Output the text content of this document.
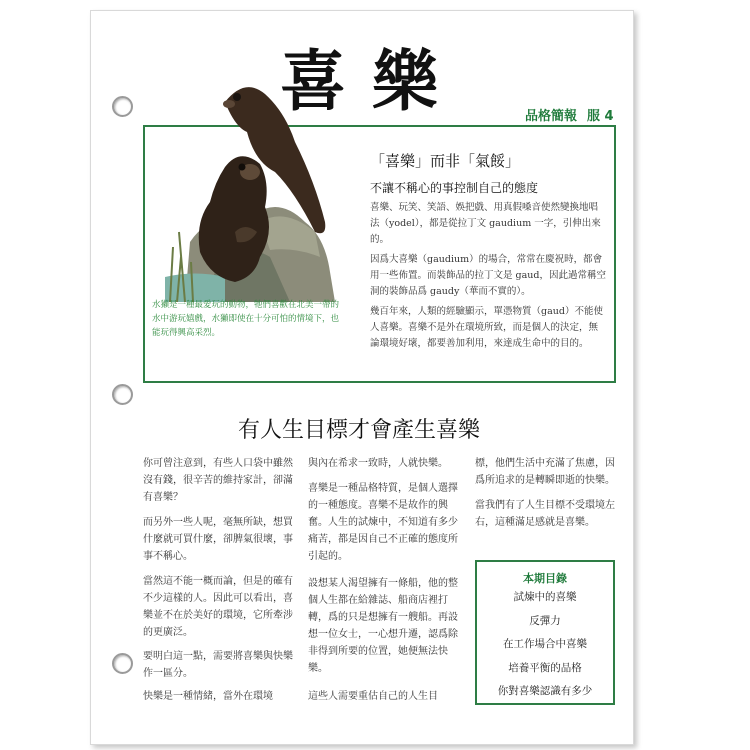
喜樂	品格簡報 服 4
水獺是一種最愛玩的動物，牠們喜歡在北美一帶的水中游玩嬉戲，水獺即使在十分可怕的情境下，也能玩得興高采烈。
「喜樂」而非「氣餒」
不讓不稱心的事控制自己的態度
喜樂、玩笑、笑語、娛把戲、用真假嗓音使然變換地唱法（yodel），都是從拉丁文 gaudium 一字，引伸出來的。
因爲大喜樂（gaudium）的場合，常常在慶祝時，都會用一些佈置。而裝飾品的拉丁文是 gaud，因此過常稱空洞的裝飾品爲 gaudy（華而不實的）。
幾百年來，人類的經驗顯示，單憑物質（gaud）不能使人喜樂。喜樂不是外在環境所致，而是個人的決定，無論環境好壞，都要善加利用，來達成生命中的目的。
有人生目標才會產生喜樂
你可曾注意到，有些人口袋中雖然沒有錢，很辛苦的維持家計，卻滿有喜樂？
而另外一些人呢，毫無所缺，想買什麼就可買什麼，卻脾氣很壞，事事不稱心。
當然這不能一概而論，但是的確有不少這樣的人。因此可以看出，喜樂並不在於美好的環境，它所牽涉的更廣泛。
要明白這一點，需要將喜樂與快樂作一區分。
快樂是一種情緒，當外在環境
與內在希求一致時，人就快樂。
喜樂是一種品格特質，是個人選擇的一種態度。喜樂不是故作的興奮。人生的試煉中，不知道有多少痛苦，都是因自己不正確的態度所引起的。
設想某人渴望擁有一條船，他的整個人生都在給雜誌、船商店裡打轉，爲的只是想擁有一艘船。再設想一位女士，一心想升遷，認爲除非得到所要的位置，她便無法快樂。
這些人需要重估自己的人生目
標，他們生活中充滿了焦慮，因爲所追求的是轉瞬即逝的快樂。
當我們有了人生目標不受環境左右，這種滿足感就是喜樂。
本期目錄
試煉中的喜樂
反彈力
在工作場合中喜樂
培養平衡的品格
你對喜樂認識有多少
